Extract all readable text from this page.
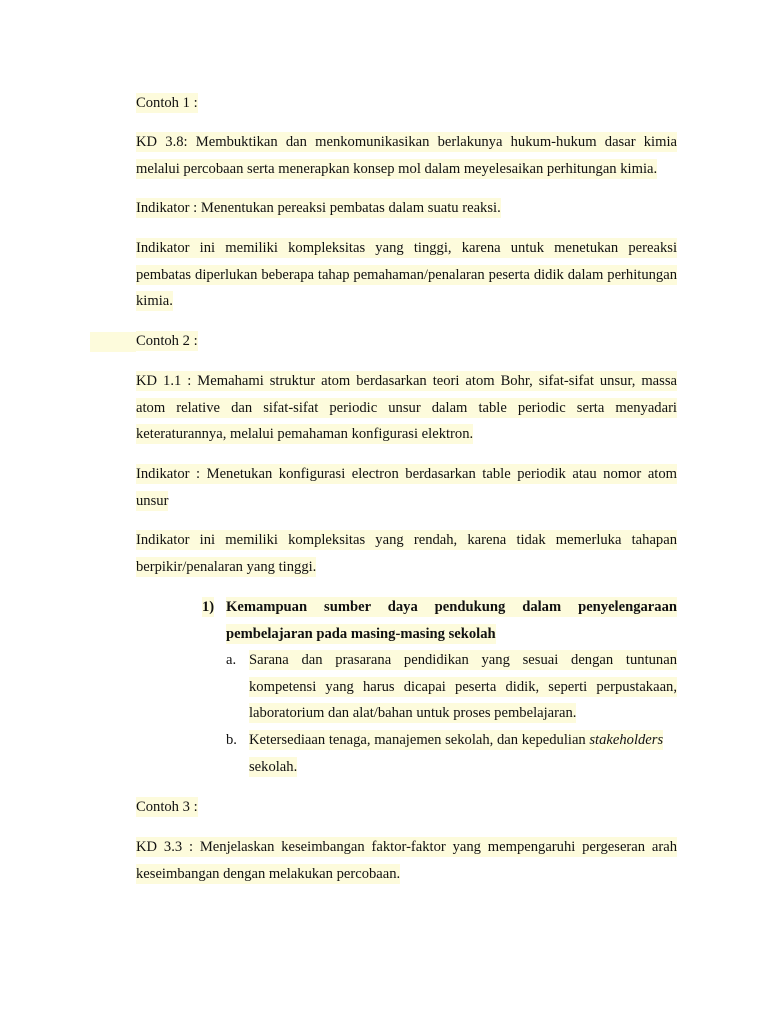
Contoh 1 :
KD 3.8: Membuktikan dan menkomunikasikan berlakunya hukum-hukum dasar kimia melalui percobaan serta menerapkan konsep mol dalam meyelesaikan perhitungan kimia.
Indikator : Menentukan pereaksi pembatas dalam suatu reaksi.
Indikator ini memiliki kompleksitas yang tinggi, karena untuk menetukan pereaksi pembatas diperlukan beberapa tahap pemahaman/penalaran peserta didik dalam perhitungan kimia.
Contoh 2 :
KD 1.1 : Memahami struktur atom berdasarkan teori atom Bohr, sifat-sifat unsur, massa atom relative dan sifat-sifat periodic unsur dalam table periodic serta menyadari keteraturannya, melalui pemahaman konfigurasi elektron.
Indikator : Menetukan konfigurasi electron berdasarkan table periodik atau nomor atom unsur
Indikator ini memiliki kompleksitas yang rendah, karena tidak memerluka tahapan berpikir/penalaran yang tinggi.
1) Kemampuan sumber daya pendukung dalam penyelengaraan pembelajaran pada masing-masing sekolah
a. Sarana dan prasarana pendidikan yang sesuai dengan tuntunan kompetensi yang harus dicapai peserta didik, seperti perpustakaan, laboratorium dan alat/bahan untuk proses pembelajaran.
b. Ketersediaan tenaga, manajemen sekolah, dan kepedulian stakeholders
sekolah.
Contoh 3 :
KD 3.3 : Menjelaskan keseimbangan faktor-faktor yang mempengaruhi pergeseran arah keseimbangan dengan melakukan percobaan.
